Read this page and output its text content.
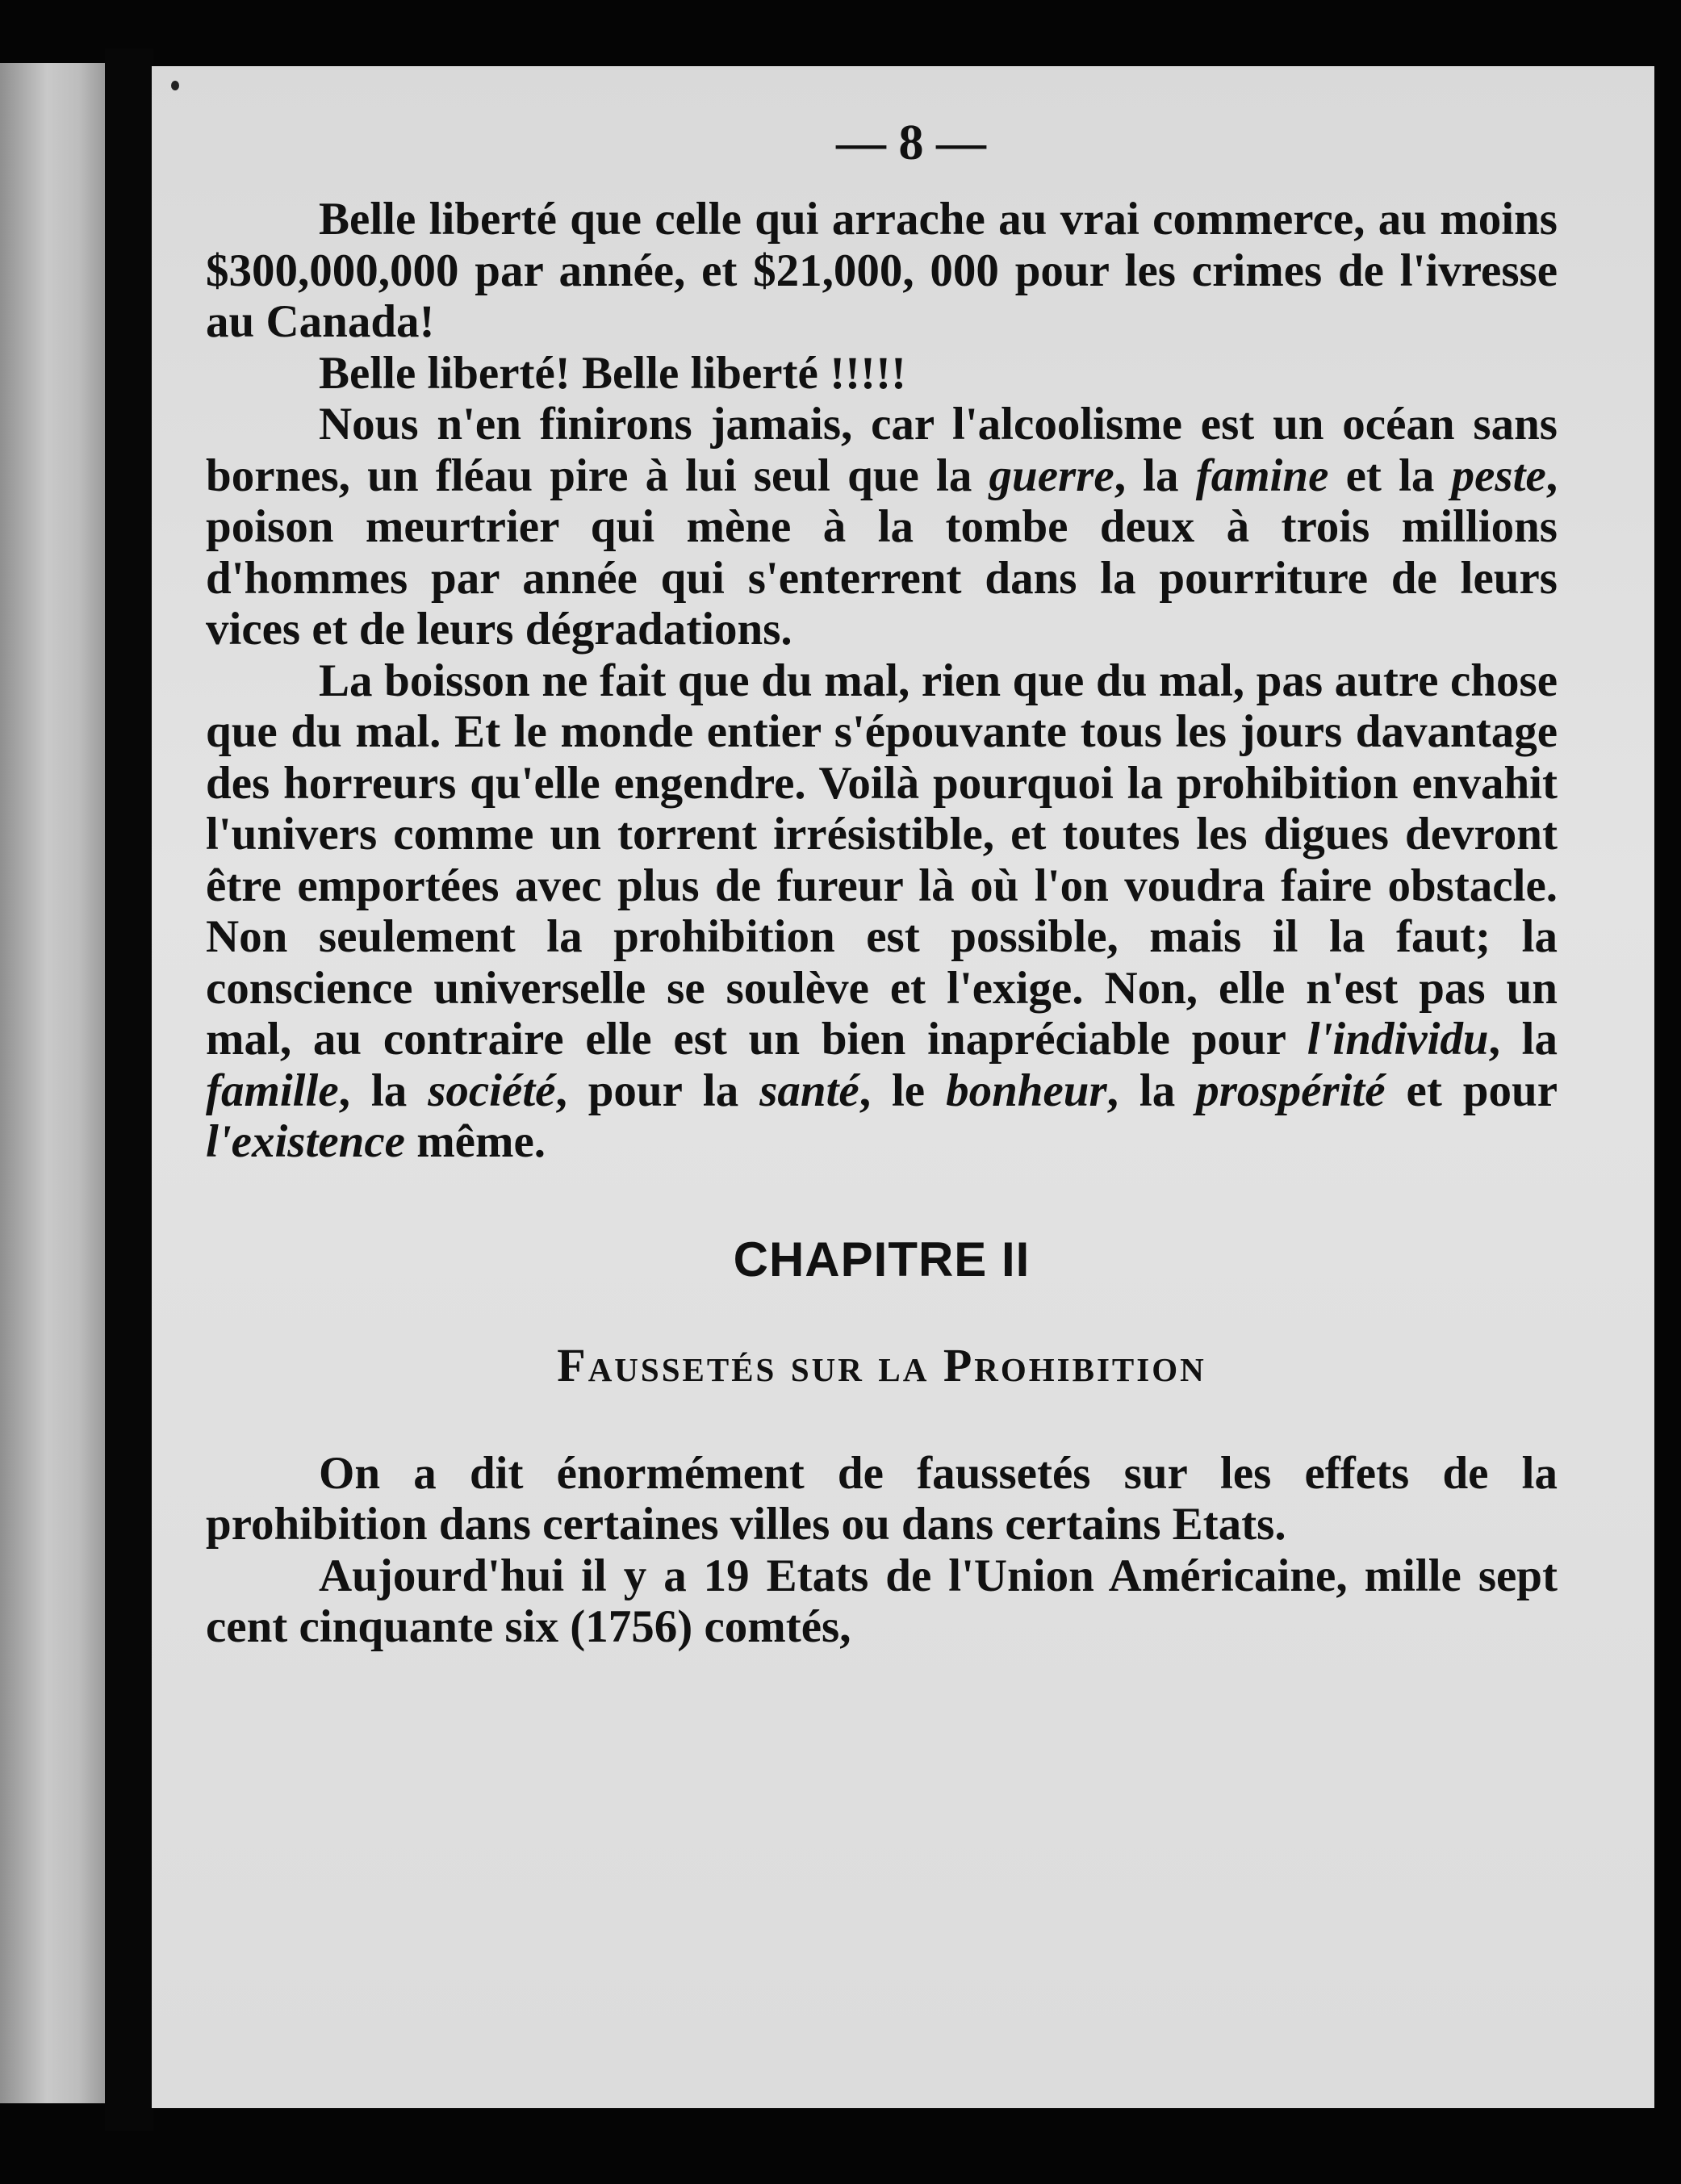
— 8 —

Belle liberté que celle qui arrache au vrai commerce, au moins $300,000,000 par année, et $21,000, 000 pour les crimes de l'ivresse au Canada!

Belle liberté! Belle liberté !!!!!

Nous n'en finirons jamais, car l'alcoolisme est un océan sans bornes, un fléau pire à lui seul que la guerre, la famine et la peste, poison meurtrier qui mène à la tombe deux à trois millions d'hommes par année qui s'enterrent dans la pourriture de leurs vices et de leurs dégradations.

La boisson ne fait que du mal, rien que du mal, pas autre chose que du mal. Et le monde entier s'épouvante tous les jours davantage des horreurs qu'elle engendre. Voilà pourquoi la prohibition envahit l'univers comme un torrent irrésistible, et toutes les digues devront être emportées avec plus de fureur là où l'on voudra faire obstacle. Non seulement la prohibition est possible, mais il la faut; la conscience universelle se soulève et l'exige. Non, elle n'est pas un mal, au contraire elle est un bien inapréciable pour l'individu, la famille, la société, pour la santé, le bonheur, la prospérité et pour l'existence même.

CHAPITRE II
Faussetés sur la Prohibition

On a dit énormément de faussetés sur les effets de la prohibition dans certaines villes ou dans certains Etats.

Aujourd'hui il y a 19 Etats de l'Union Américaine, mille sept cent cinquante six (1756) comtés,
